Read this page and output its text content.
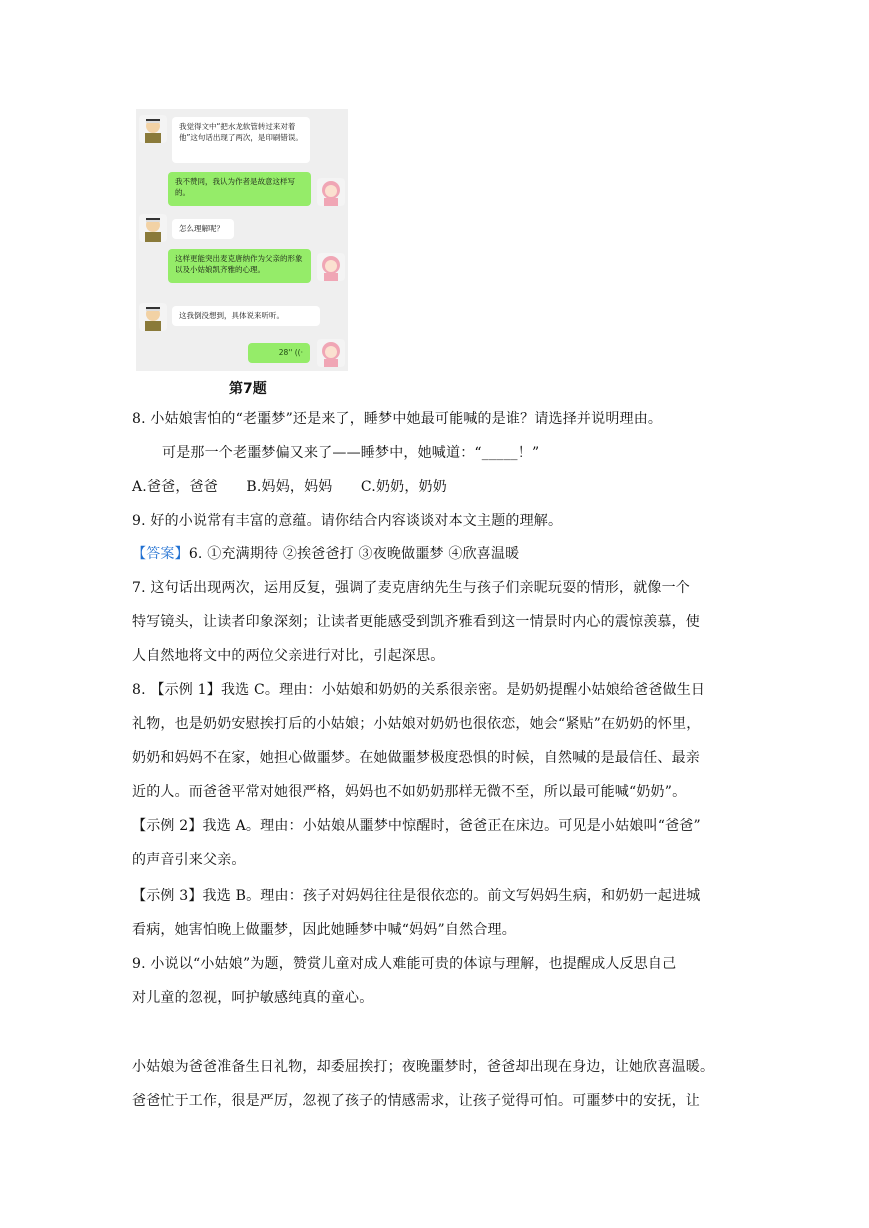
我觉得文中“把水龙软管转过来对着他”这句话出现了两次，是印刷错误。
我不赞同，我认为作者是故意这样写的。
怎么理解呢？
这样更能突出麦克唐纳作为父亲的形象以及小姑娘凯齐雅的心理。
这我倒没想到，具体说来听听。
28'' ((·
第7题
8. 小姑娘害怕的“老噩梦”还是来了，睡梦中她最可能喊的是谁？请选择并说明理由。
可是那一个老噩梦偏又来了——睡梦中，她喊道：“_____！”
A.爸爸，爸爸　　B.妈妈，妈妈　　C.奶奶，奶奶
9. 好的小说常有丰富的意蕴。请你结合内容谈谈对本文主题的理解。
【答案】6. ①充满期待 ②挨爸爸打 ③夜晚做噩梦 ④欣喜温暖
7. 这句话出现两次，运用反复，强调了麦克唐纳先生与孩子们亲昵玩耍的情形，就像一个
特写镜头，让读者印象深刻；让读者更能感受到凯齐雅看到这一情景时内心的震惊羡慕，使
人自然地将文中的两位父亲进行对比，引起深思。
8. 【示例 1】我选 C。理由：小姑娘和奶奶的关系很亲密。是奶奶提醒小姑娘给爸爸做生日
礼物，也是奶奶安慰挨打后的小姑娘；小姑娘对奶奶也很依恋，她会“紧贴”在奶奶的怀里，
奶奶和妈妈不在家，她担心做噩梦。在她做噩梦极度恐惧的时候，自然喊的是最信任、最亲
近的人。而爸爸平常对她很严格，妈妈也不如奶奶那样无微不至，所以最可能喊“奶奶”。
【示例 2】我选 A。理由：小姑娘从噩梦中惊醒时，爸爸正在床边。可见是小姑娘叫“爸爸”
的声音引来父亲。
【示例 3】我选 B。理由：孩子对妈妈往往是很依恋的。前文写妈妈生病，和奶奶一起进城
看病，她害怕晚上做噩梦，因此她睡梦中喊“妈妈”自然合理。
9. 小说以“小姑娘”为题，赞赏儿童对成人难能可贵的体谅与理解，也提醒成人反思自己
对儿童的忽视，呵护敏感纯真的童心。
小姑娘为爸爸准备生日礼物，却委屈挨打；夜晚噩梦时，爸爸却出现在身边，让她欣喜温暖。
爸爸忙于工作，很是严厉，忽视了孩子的情感需求，让孩子觉得可怕。可噩梦中的安抚，让
